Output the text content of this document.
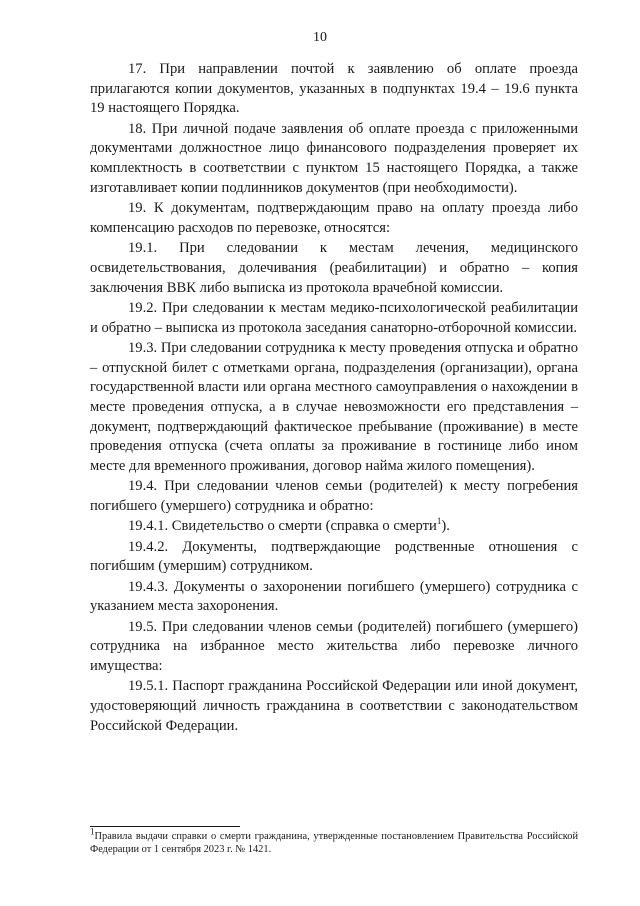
10

17. При направлении почтой к заявлению об оплате проезда прилагаются копии документов, указанных в подпунктах 19.4 – 19.6 пункта 19 настоящего Порядка.

18. При личной подаче заявления об оплате проезда с приложенными документами должностное лицо финансового подразделения проверяет их комплектность в соответствии с пунктом 15 настоящего Порядка, а также изготавливает копии подлинников документов (при необходимости).

19. К документам, подтверждающим право на оплату проезда либо компенсацию расходов по перевозке, относятся:

19.1. При следовании к местам лечения, медицинского освидетельствования, долечивания (реабилитации) и обратно – копия заключения ВВК либо выписка из протокола врачебной комиссии.

19.2. При следовании к местам медико-психологической реабилитации и обратно – выписка из протокола заседания санаторно-отборочной комиссии.

19.3. При следовании сотрудника к месту проведения отпуска и обратно – отпускной билет с отметками органа, подразделения (организации), органа государственной власти или органа местного самоуправления о нахождении в месте проведения отпуска, а в случае невозможности его представления – документ, подтверждающий фактическое пребывание (проживание) в месте проведения отпуска (счета оплаты за проживание в гостинице либо ином месте для временного проживания, договор найма жилого помещения).

19.4. При следовании членов семьи (родителей) к месту погребения погибшего (умершего) сотрудника и обратно:

19.4.1. Свидетельство о смерти (справка о смерти$^1$).

19.4.2. Документы, подтверждающие родственные отношения с погибшим (умершим) сотрудником.

19.4.3. Документы о захоронении погибшего (умершего) сотрудника с указанием места захоронения.

19.5. При следовании членов семьи (родителей) погибшего (умершего) сотрудника на избранное место жительства либо перевозке личного имущества:

19.5.1. Паспорт гражданина Российской Федерации или иной документ, удостоверяющий личность гражданина в соответствии с законодательством Российской Федерации.

$^1$Правила выдачи справки о смерти гражданина, утвержденные постановлением Правительства Российской Федерации от 1 сентября 2023 г. № 1421.
